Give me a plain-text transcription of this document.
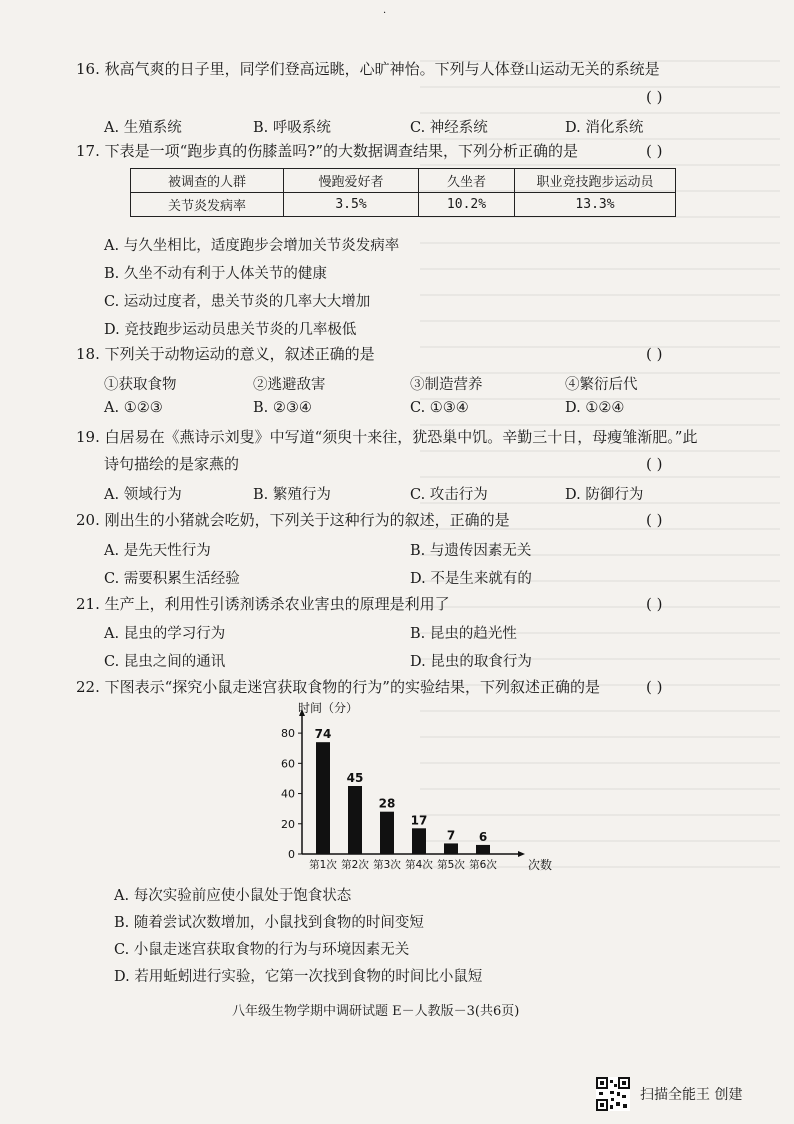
·
16. 秋高气爽的日子里，同学们登高远眺，心旷神怡。下列与人体登山运动无关的系统是
( )
A. 生殖系统	B. 呼吸系统	C. 神经系统	D. 消化系统
17. 下表是一项“跑步真的伤膝盖吗?”的大数据调查结果，下列分析正确的是	( )
被调查的人群	慢跑爱好者	久坐者	职业竞技跑步运动员
关节炎发病率	3.5%	10.2%	13.3%
A. 与久坐相比，适度跑步会增加关节炎发病率
B. 久坐不动有利于人体关节的健康
C. 运动过度者，患关节炎的几率大大增加
D. 竞技跑步运动员患关节炎的几率极低
18. 下列关于动物运动的意义，叙述正确的是	( )
①获取食物	②逃避敌害	③制造营养	④繁衍后代
A. ①②③	B. ②③④	C. ①③④	D. ①②④
19. 白居易在《燕诗示刘叟》中写道“须臾十来往，犹恐巢中饥。辛勤三十日，母瘦雏渐肥。”此
诗句描绘的是家燕的	( )
A. 领域行为	B. 繁殖行为	C. 攻击行为	D. 防御行为
20. 刚出生的小猪就会吃奶，下列关于这种行为的叙述，正确的是	( )
A. 是先天性行为	B. 与遗传因素无关
C. 需要积累生活经验	D. 不是生来就有的
21. 生产上，利用性引诱剂诱杀农业害虫的原理是利用了	( )
A. 昆虫的学习行为	B. 昆虫的趋光性
C. 昆虫之间的通讯	D. 昆虫的取食行为
22. 下图表示“探究小鼠走迷宫获取食物的行为”的实验结果，下列叙述正确的是	( )
0
20
40
60
80
时间（分）
74
第1次
45
第2次
28
第3次
17
第4次
7
第5次
6
第6次	次数
A. 每次实验前应使小鼠处于饱食状态
B. 随着尝试次数增加，小鼠找到食物的时间变短
C. 小鼠走迷宫获取食物的行为与环境因素无关
D. 若用蚯蚓进行实验，它第一次找到食物的时间比小鼠短
八年级生物学期中调研试题 E－人教版－3(共6页)
扫描全能王 创建
